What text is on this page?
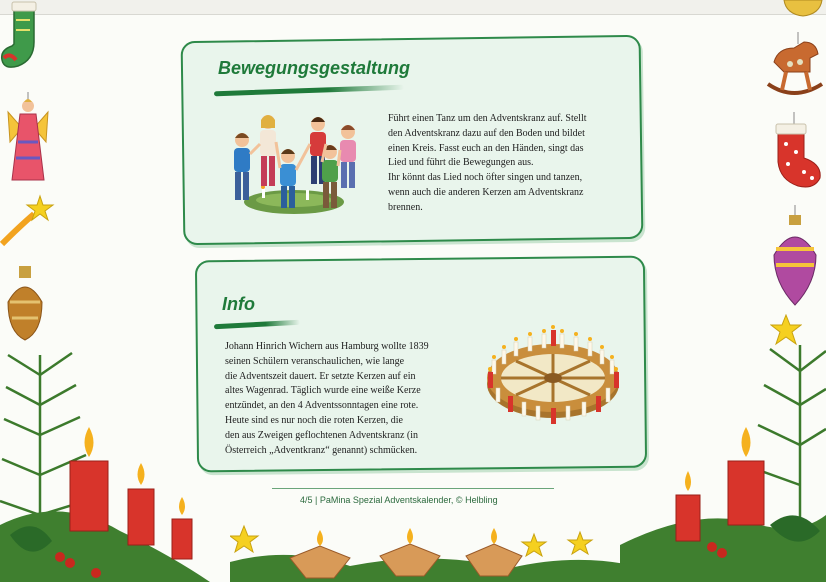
Bewegungsgestaltung
Führt einen Tanz um den Adventskranz auf. Stellt
den Adventskranz dazu auf den Boden und bildet
einen Kreis. Fasst euch an den Händen, singt das
Lied und führt die Bewegungen aus.
Ihr könnt das Lied noch öfter singen und tanzen,
wenn auch die anderen Kerzen am Adventskranz
brennen.
Info
Johann Hinrich Wichern aus Hamburg wollte 1839
seinen Schülern veranschaulichen, wie lange
die Adventszeit dauert. Er setzte Kerzen auf ein
altes Wagenrad. Täglich wurde eine weiße Kerze
entzündet, an den 4 Adventssonntagen eine rote.
Heute sind es nur noch die roten Kerzen, die
den aus Zweigen geflochtenen Adventskranz (in
Österreich „Adventkranz“ genannt) schmücken.
4/5 | PaMina Spezial Adventskalender, © Helbling
